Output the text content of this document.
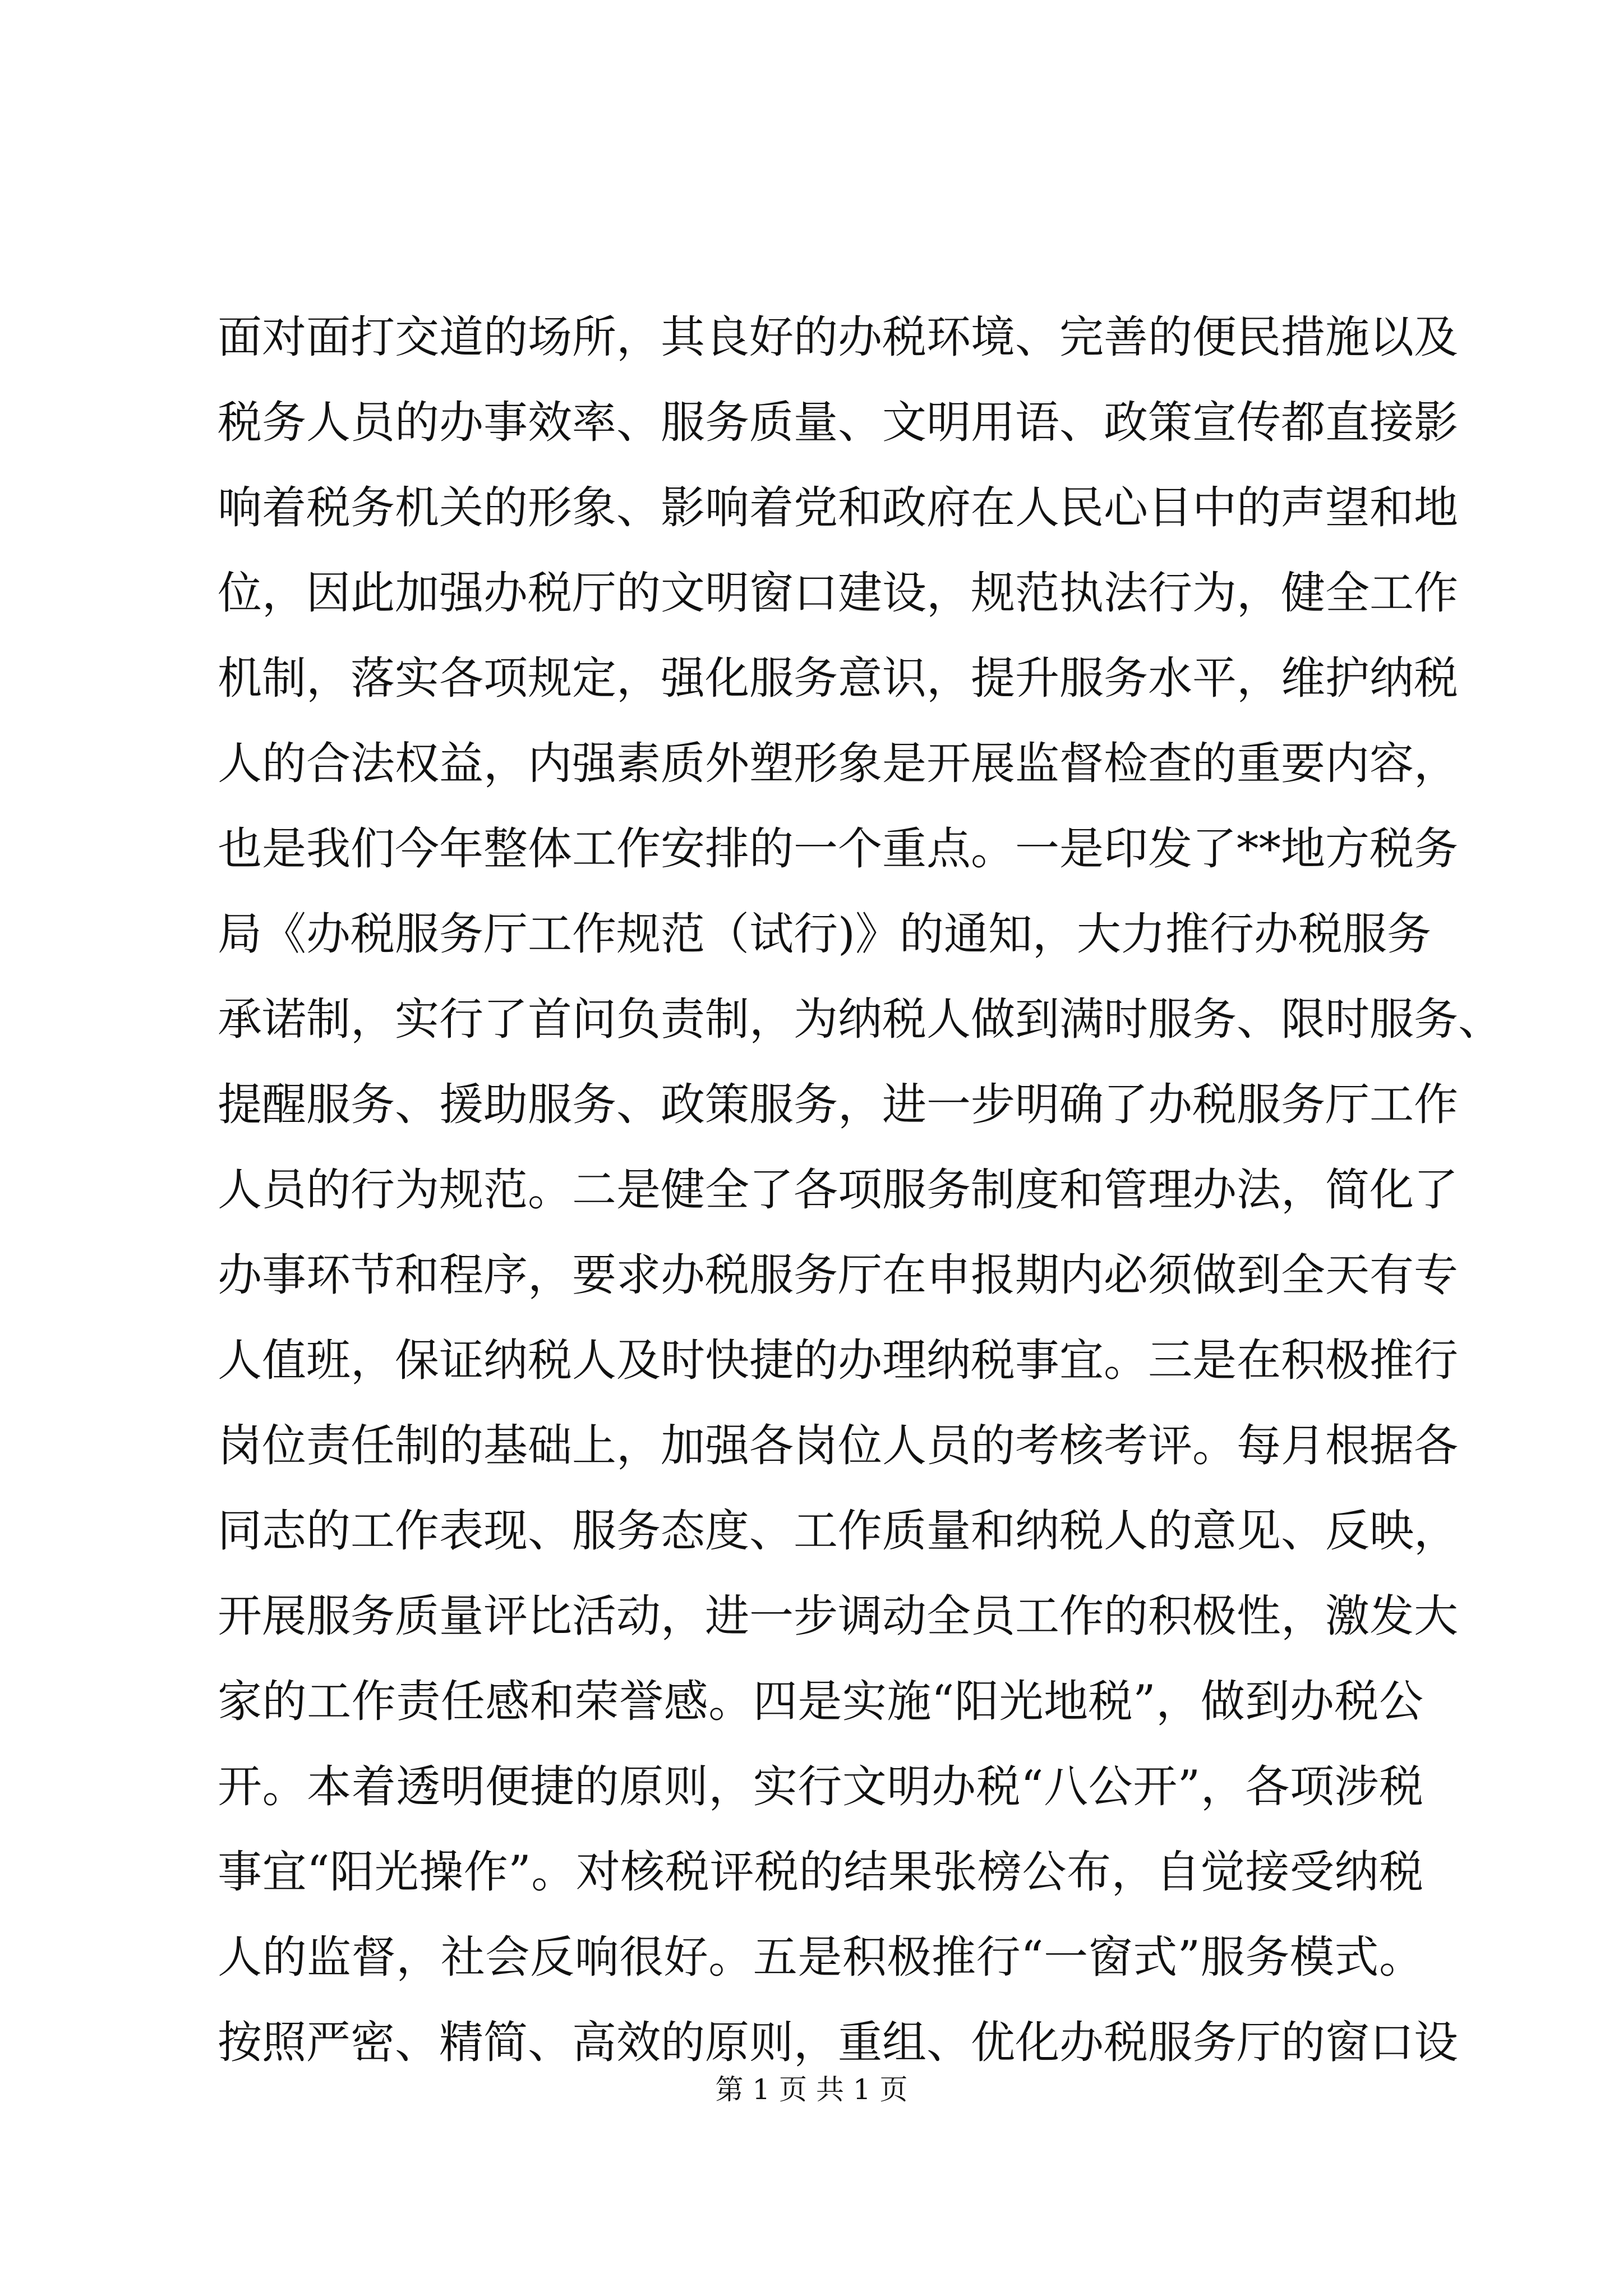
面对面打交道的场所，其良好的办税环境、完善的便民措施以及
税务人员的办事效率、服务质量、文明用语、政策宣传都直接影
响着税务机关的形象、影响着党和政府在人民心目中的声望和地
位，因此加强办税厅的文明窗口建设，规范执法行为，健全工作
机制，落实各项规定，强化服务意识，提升服务水平，维护纳税
人的合法权益，内强素质外塑形象是开展监督检查的重要内容，
也是我们今年整体工作安排的一个重点。一是印发了**地方税务
局《办税服务厅工作规范（试行)》的通知，大力推行办税服务
承诺制，实行了首问负责制，为纳税人做到满时服务、限时服务、
提醒服务、援助服务、政策服务，进一步明确了办税服务厅工作
人员的行为规范。二是健全了各项服务制度和管理办法，简化了
办事环节和程序，要求办税服务厅在申报期内必须做到全天有专
人值班，保证纳税人及时快捷的办理纳税事宜。三是在积极推行
岗位责任制的基础上，加强各岗位人员的考核考评。每月根据各
同志的工作表现、服务态度、工作质量和纳税人的意见、反映，
开展服务质量评比活动，进一步调动全员工作的积极性，激发大
家的工作责任感和荣誉感。四是实施“阳光地税”，做到办税公
开。本着透明便捷的原则，实行文明办税“八公开”，各项涉税
事宜“阳光操作”。对核税评税的结果张榜公布，自觉接受纳税
人的监督，社会反响很好。五是积极推行“一窗式”服务模式。
按照严密、精简、高效的原则，重组、优化办税服务厅的窗口设
第 1 页 共 1 页
